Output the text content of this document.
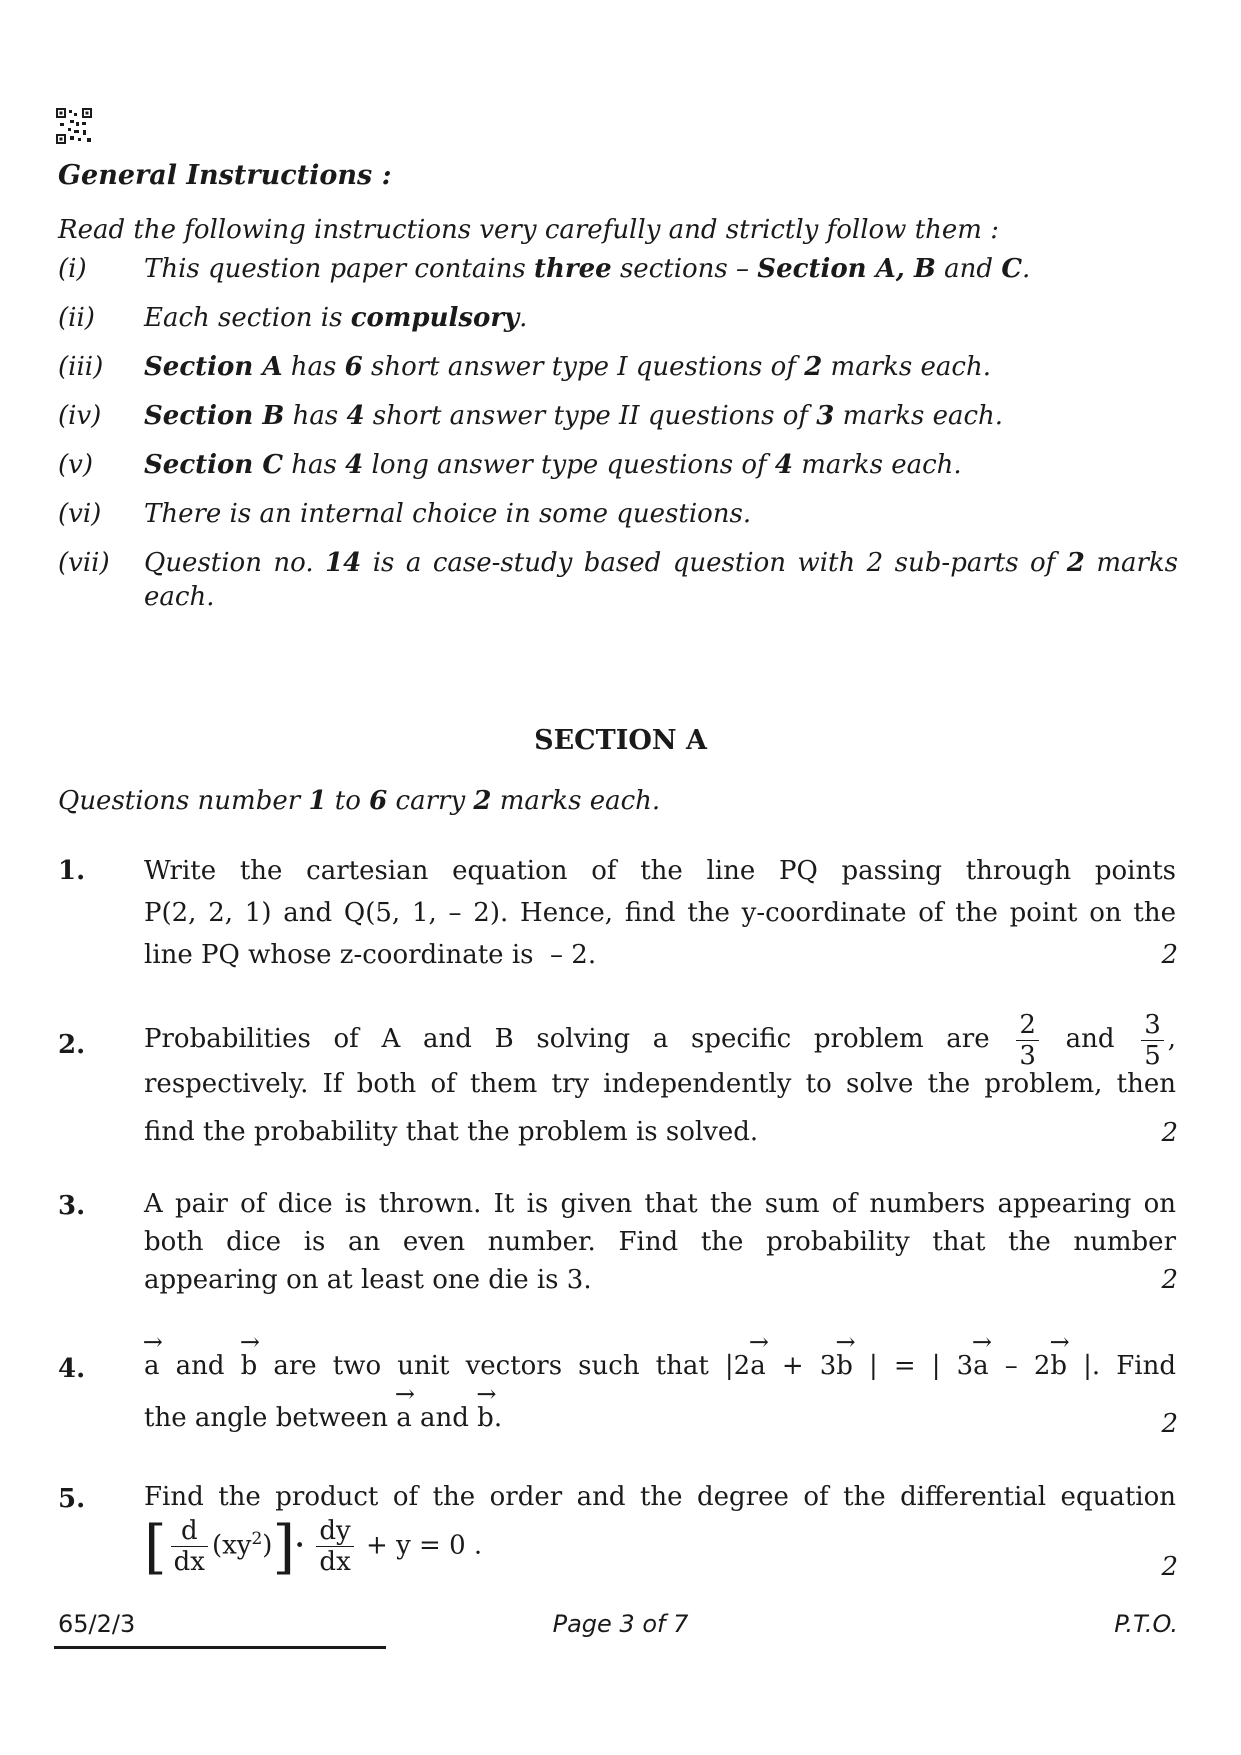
General Instructions :
Read the following instructions very carefully and strictly follow them :
(i) This question paper contains three sections – Section A, B and C.
(ii) Each section is compulsory.
(iii) Section A has 6 short answer type I questions of 2 marks each.
(iv) Section B has 4 short answer type II questions of 3 marks each.
(v) Section C has 4 long answer type questions of 4 marks each.
(vi) There is an internal choice in some questions.
(vii) Question no. 14 is a case-study based question with 2 sub-parts of 2 marks each.
SECTION A
Questions number 1 to 6 carry 2 marks each.
1. Write the cartesian equation of the line PQ passing through points
P(2, 2, 1) and Q(5, 1, – 2). Hence, find the y-coordinate of the point on the
line PQ whose z-coordinate is  – 2.	2
2. Probabilities of A and B solving a specific problem are $\frac{2}{3}$ and $\frac{3}{5}$ ,
respectively. If both of them try independently to solve the problem, then
find the probability that the problem is solved.	2
3. A pair of dice is thrown. It is given that the sum of numbers appearing on
both dice is an even number. Find the probability that the number
appearing on at least one die is 3.	2
4. a
→
and b
→
are two unit vectors such that |2a
→
+ 3b
→
| = | 3a
→
– 2b
→
|. Find
the angle between a
→
and b
→
.	2
5. Find the product of the order and the degree of the differential equation
[ $\frac{d}{dx} (xy^2)]\cdot \frac{dy}{dx} + y = 0$ .
2
65/2/3	Page 3 of 7	P.T.O.
